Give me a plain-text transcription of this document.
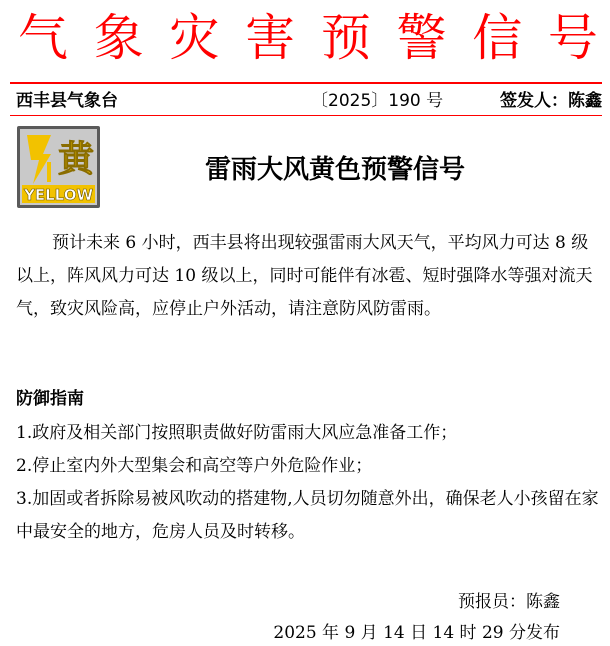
气 象 灾 害 预 警 信 号
西丰县气象台	〔2025〕190 号	签发人：陈鑫
黄
YELLOW
雷雨大风黄色预警信号

预计未来 6 小时，西丰县将出现较强雷雨大风天气，平均风力可达 8 级以上，阵风风力可达 10 级以上，同时可能伴有冰雹、短时强降水等强对流天气，致灾风险高，应停止户外活动，请注意防风防雷雨。

防御指南

1.政府及相关部门按照职责做好防雷雨大风应急准备工作；
2.停止室内外大型集会和高空等户外危险作业；
3.加固或者拆除易被风吹动的搭建物,人员切勿随意外出，确保老人小孩留在家中最安全的地方，危房人员及时转移。
预报员：陈鑫
2025 年 9 月 14 日 14 时 29 分发布
